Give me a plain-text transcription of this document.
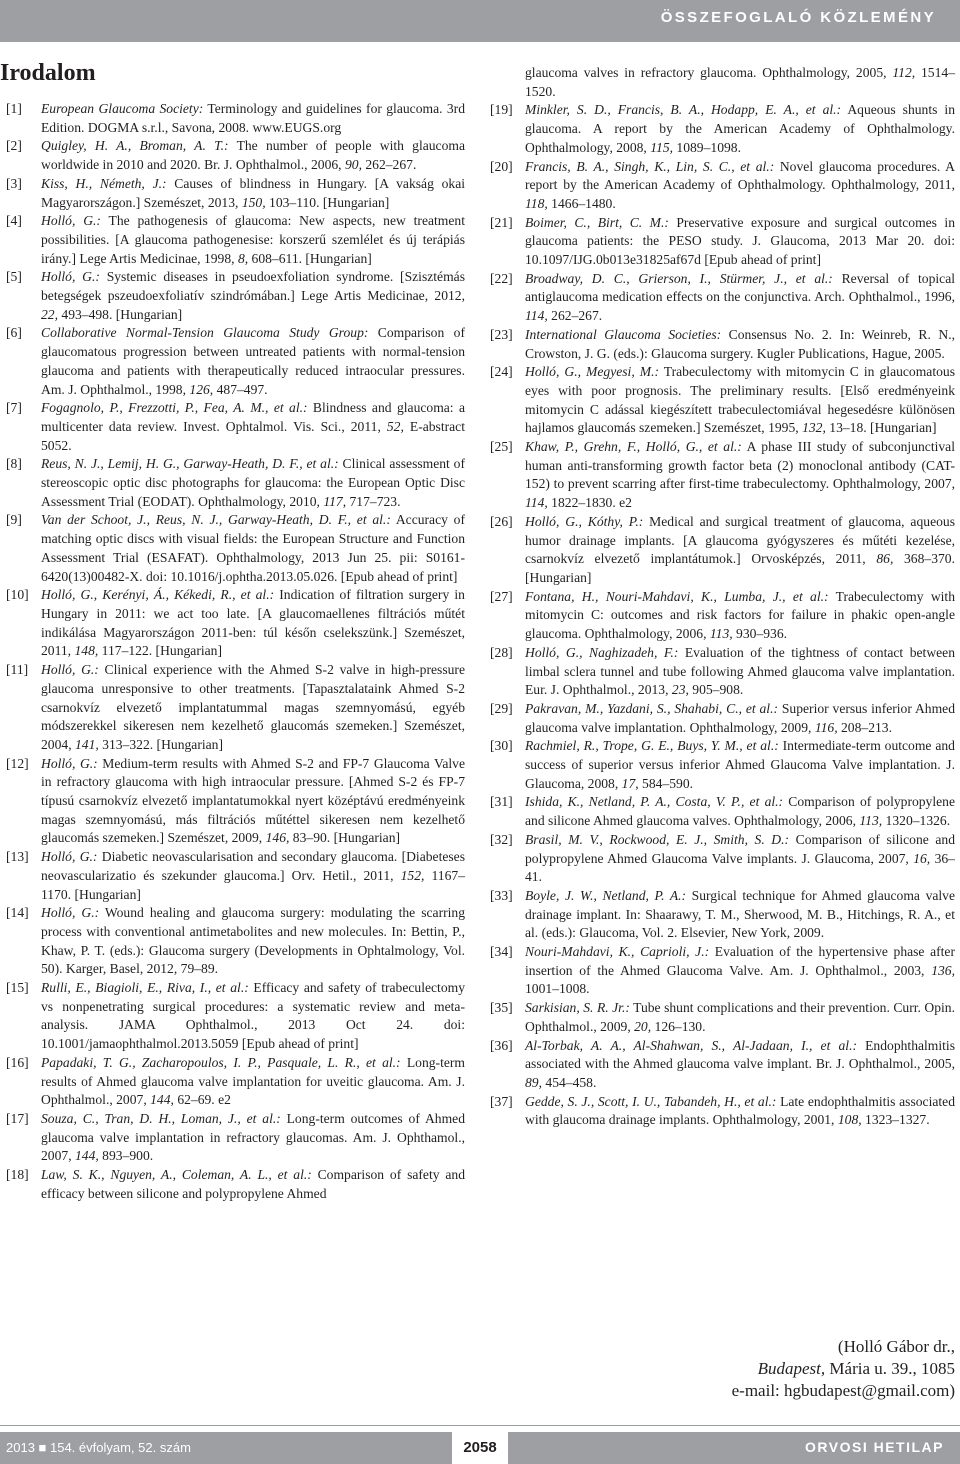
ÖSSZEFOGLALÓ KÖZLEMÉNY
Irodalom

[1] European Glaucoma Society: Terminology and guidelines for glaucoma. 3rd Edition. DOGMA s.r.l., Savona, 2008. www.EUGS.org

[2] Quigley, H. A., Broman, A. T.: The number of people with glaucoma worldwide in 2010 and 2020. Br. J. Ophthalmol., 2006, 90, 262–267.

[3] Kiss, H., Németh, J.: Causes of blindness in Hungary. [A vakság okai Magyarországon.] Szemészet, 2013, 150, 103–110. [Hungarian]

[4] Holló, G.: The pathogenesis of glaucoma: New aspects, new treatment possibilities. [A glaucoma pathogenesise: korszerű szemlélet és új terápiás irány.] Lege Artis Medicinae, 1998, 8, 608–611. [Hungarian]

[5] Holló, G.: Systemic diseases in pseudoexfoliation syndrome. [Szisztémás betegségek pszeudoexfoliatív szindrómában.] Lege Artis Medicinae, 2012, 22, 493–498. [Hungarian]

[6] Collaborative Normal-Tension Glaucoma Study Group: Comparison of glaucomatous progression between untreated patients with normal-tension glaucoma and patients with therapeutically reduced intraocular pressures. Am. J. Ophthalmol., 1998, 126, 487–497.

[7] Fogagnolo, P., Frezzotti, P., Fea, A. M., et al.: Blindness and glaucoma: a multicenter data review. Invest. Ophtalmol. Vis. Sci., 2011, 52, E-abstract 5052.

[8] Reus, N. J., Lemij, H. G., Garway-Heath, D. F., et al.: Clinical assessment of stereoscopic optic disc photographs for glaucoma: the European Optic Disc Assessment Trial (EODAT). Ophthalmology, 2010, 117, 717–723.

[9] Van der Schoot, J., Reus, N. J., Garway-Heath, D. F., et al.: Accuracy of matching optic discs with visual fields: the European Structure and Function Assessment Trial (ESAFAT). Ophthalmology, 2013 Jun 25. pii: S0161-6420(13)00482-X. doi: 10.1016/j.ophtha.2013.05.026. [Epub ahead of print]

[10] Holló, G., Kerényi, Á., Kékedi, R., et al.: Indication of filtration surgery in Hungary in 2011: we act too late. [A glaucomaellenes filtrációs műtét indikálása Magyarországon 2011-ben: túl későn cselekszünk.] Szemészet, 2011, 148, 117–122. [Hungarian]

[11] Holló, G.: Clinical experience with the Ahmed S-2 valve in high-pressure glaucoma unresponsive to other treatments. [Tapasztalataink Ahmed S-2 csarnokvíz elvezető implantatummal magas szemnyomású, egyéb módszerekkel sikeresen nem kezelhető glaucomás szemeken.] Szemészet, 2004, 141, 313–322. [Hungarian]

[12] Holló, G.: Medium-term results with Ahmed S-2 and FP-7 Glaucoma Valve in refractory glaucoma with high intraocular pressure. [Ahmed S-2 és FP-7 típusú csarnokvíz elvezető implantatumokkal nyert középtávú eredményeink magas szemnyomású, más filtrációs műtéttel sikeresen nem kezelhető glaucomás szemeken.] Szemészet, 2009, 146, 83–90. [Hungarian]

[13] Holló, G.: Diabetic neovascularisation and secondary glaucoma. [Diabeteses neovascularizatio és szekunder glaucoma.] Orv. Hetil., 2011, 152, 1167–1170. [Hungarian]

[14] Holló, G.: Wound healing and glaucoma surgery: modulating the scarring process with conventional antimetabolites and new molecules. In: Bettin, P., Khaw, P. T. (eds.): Glaucoma surgery (Developments in Ophtalmology, Vol. 50). Karger, Basel, 2012, 79–89.

[15] Rulli, E., Biagioli, E., Riva, I., et al.: Efficacy and safety of trabeculectomy vs nonpenetrating surgical procedures: a systematic review and meta-analysis. JAMA Ophthalmol., 2013 Oct 24. doi: 10.1001/jamaophthalmol.2013.5059 [Epub ahead of print]

[16] Papadaki, T. G., Zacharopoulos, I. P., Pasquale, L. R., et al.: Long-term results of Ahmed glaucoma valve implantation for uveitic glaucoma. Am. J. Ophthalmol., 2007, 144, 62–69. e2

[17] Souza, C., Tran, D. H., Loman, J., et al.: Long-term outcomes of Ahmed glaucoma valve implantation in refractory glaucomas. Am. J. Ophthamol., 2007, 144, 893–900.

[18] Law, S. K., Nguyen, A., Coleman, A. L., et al.: Comparison of safety and efficacy between silicone and polypropylene Ahmed

glaucoma valves in refractory glaucoma. Ophthalmology, 2005, 112, 1514–1520.

[19] Minkler, S. D., Francis, B. A., Hodapp, E. A., et al.: Aqueous shunts in glaucoma. A report by the American Academy of Ophthalmology. Ophthalmology, 2008, 115, 1089–1098.

[20] Francis, B. A., Singh, K., Lin, S. C., et al.: Novel glaucoma procedures. A report by the American Academy of Ophthalmology. Ophthalmology, 2011, 118, 1466–1480.

[21] Boimer, C., Birt, C. M.: Preservative exposure and surgical outcomes in glaucoma patients: the PESO study. J. Glaucoma, 2013 Mar 20. doi: 10.1097/IJG.0b013e31825af67d [Epub ahead of print]

[22] Broadway, D. C., Grierson, I., Stürmer, J., et al.: Reversal of topical antiglaucoma medication effects on the conjunctiva. Arch. Ophthalmol., 1996, 114, 262–267.

[23] International Glaucoma Societies: Consensus No. 2. In: Weinreb, R. N., Crowston, J. G. (eds.): Glaucoma surgery. Kugler Publications, Hague, 2005.

[24] Holló, G., Megyesi, M.: Trabeculectomy with mitomycin C in glaucomatous eyes with poor prognosis. The preliminary results. [Első eredményeink mitomycin C adással kiegészített trabeculectomiával hegesedésre különösen hajlamos glaucomás szemeken.] Szemészet, 1995, 132, 13–18. [Hungarian]

[25] Khaw, P., Grehn, F., Holló, G., et al.: A phase III study of subconjunctival human anti-transforming growth factor beta (2) monoclonal antibody (CAT-152) to prevent scarring after first-time trabeculectomy. Ophthalmology, 2007, 114, 1822–1830. e2

[26] Holló, G., Kóthy, P.: Medical and surgical treatment of glaucoma, aqueous humor drainage implants. [A glaucoma gyógyszeres és műtéti kezelése, csarnokvíz elvezető implantátumok.] Orvosképzés, 2011, 86, 368–370. [Hungarian]

[27] Fontana, H., Nouri-Mahdavi, K., Lumba, J., et al.: Trabeculectomy with mitomycin C: outcomes and risk factors for failure in phakic open-angle glaucoma. Ophthalmology, 2006, 113, 930–936.

[28] Holló, G., Naghizadeh, F.: Evaluation of the tightness of contact between limbal sclera tunnel and tube following Ahmed glaucoma valve implantation. Eur. J. Ophthalmol., 2013, 23, 905–908.

[29] Pakravan, M., Yazdani, S., Shahabi, C., et al.: Superior versus inferior Ahmed glaucoma valve implantation. Ophthalmology, 2009, 116, 208–213.

[30] Rachmiel, R., Trope, G. E., Buys, Y. M., et al.: Intermediate-term outcome and success of superior versus inferior Ahmed Glaucoma Valve implantation. J. Glaucoma, 2008, 17, 584–590.

[31] Ishida, K., Netland, P. A., Costa, V. P., et al.: Comparison of polypropylene and silicone Ahmed glaucoma valves. Ophthalmology, 2006, 113, 1320–1326.

[32] Brasil, M. V., Rockwood, E. J., Smith, S. D.: Comparison of silicone and polypropylene Ahmed Glaucoma Valve implants. J. Glaucoma, 2007, 16, 36–41.

[33] Boyle, J. W., Netland, P. A.: Surgical technique for Ahmed glaucoma valve drainage implant. In: Shaarawy, T. M., Sherwood, M. B., Hitchings, R. A., et al. (eds.): Glaucoma, Vol. 2. Elsevier, New York, 2009.

[34] Nouri-Mahdavi, K., Caprioli, J.: Evaluation of the hypertensive phase after insertion of the Ahmed Glaucoma Valve. Am. J. Ophthalmol., 2003, 136, 1001–1008.

[35] Sarkisian, S. R. Jr.: Tube shunt complications and their prevention. Curr. Opin. Ophthalmol., 2009, 20, 126–130.

[36] Al-Torbak, A. A., Al-Shahwan, S., Al-Jadaan, I., et al.: Endophthalmitis associated with the Ahmed glaucoma valve implant. Br. J. Ophthalmol., 2005, 89, 454–458.

[37] Gedde, S. J., Scott, I. U., Tabandeh, H., et al.: Late endophthalmitis associated with glaucoma drainage implants. Ophthalmology, 2001, 108, 1323–1327.

(Holló Gábor dr.,
Budapest, Mária u. 39., 1085
e-mail: hgbudapest@gmail.com)
2013 ■ 154. évfolyam, 52. szám	2058	ORVOSI HETILAP
